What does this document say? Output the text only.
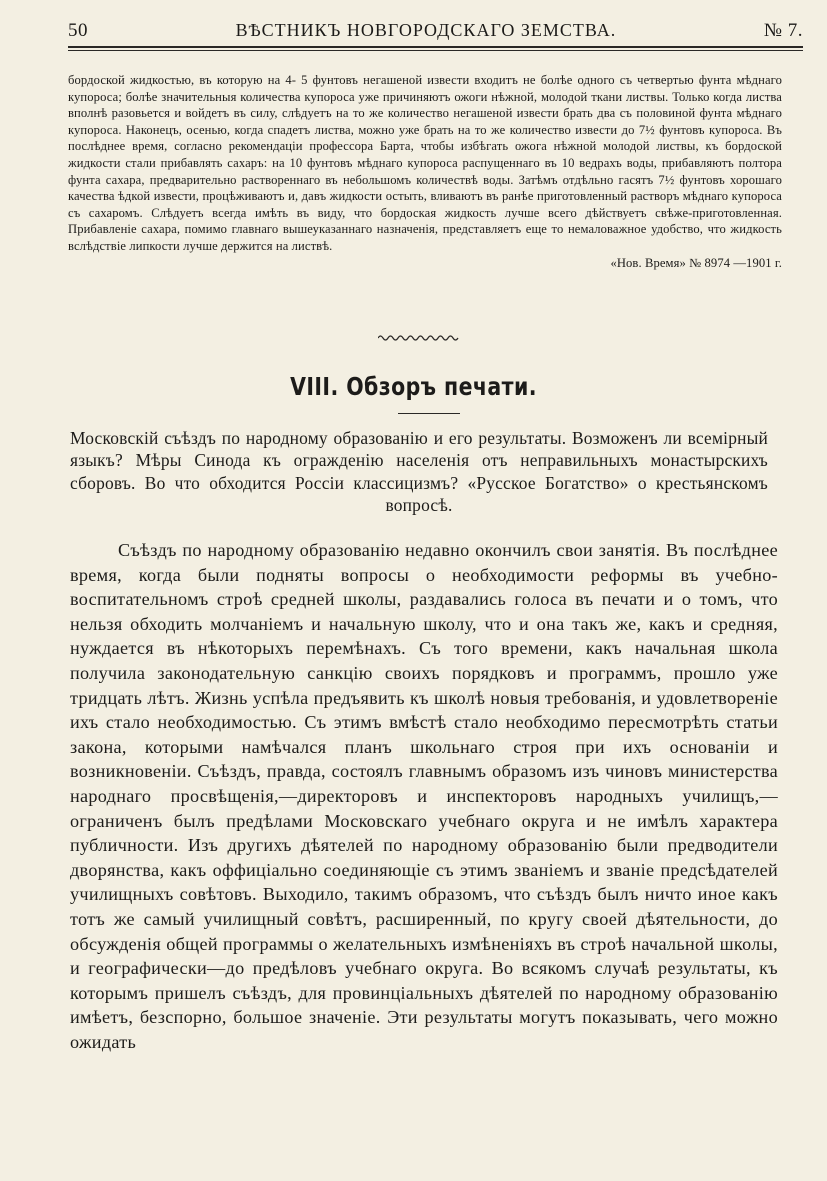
50	ВѢСТНИКЪ НОВГОРОДСКАГО ЗЕМСТВА.	№ 7.
бордоской жидкостью, въ которую на 4- 5 фунтовъ негашеной извести входитъ не болѣе одного съ четвертью фунта мѣднаго купороса; болѣе значительныя количества купороса уже причиняютъ ожоги нѣжной, молодой ткани листвы. Только когда листва вполнѣ разовьется и войдетъ въ силу, слѣдуетъ на то же количество негашеной извести брать два съ половиной фунта мѣднаго купороса. Наконецъ, осенью, когда спадетъ листва, можно уже брать на то же количество извести до 7½ фунтовъ купороса. Въ послѣднее время, согласно рекомендаціи профессора Барта, чтобы избѣгать ожога нѣжной молодой листвы, къ бордоской жидкости стали прибавлять сахаръ: на 10 фунтовъ мѣднаго купороса распущеннаго въ 10 ведрахъ воды, прибавляютъ полтора фунта сахара, предварительно раствореннаго въ небольшомъ количествѣ воды. Затѣмъ отдѣльно гасятъ 7½ фунтовъ хорошаго качества ѣдкой извести, процѣживаютъ и, давъ жидкости остыть, вливаютъ въ ранѣе приготовленный растворъ мѣднаго купороса съ сахаромъ. Слѣдуетъ всегда имѣть въ виду, что бордоская жидкость лучше всего дѣйствуетъ свѣже-приготовленная. Прибавленіе сахара, помимо главнаго вышеуказаннаго назначенія, представляетъ еще то немаловажное удобство, что жидкость вслѣдствіе липкости лучше держится на листвѣ.
«Нов. Время» № 8974 —1901 г.
VIII. Обзоръ печати.
Московскій съѣздъ по народному образованію и его результаты. Возможенъ ли всемірный языкъ? Мѣры Синода къ огражденію населенія отъ неправильныхъ монастырскихъ сборовъ. Во что обходится Россіи классицизмъ? «Русское Богатство» о крестьянскомъ вопросѣ.

Съѣздъ по народному образованію недавно окончилъ свои занятія. Въ послѣднее время, когда были подняты вопросы о необходимости реформы въ учебно-воспитательномъ строѣ средней школы, раздавались голоса въ печати и о томъ, что нельзя обходить молчаніемъ и начальную школу, что и она такъ же, какъ и средняя, нуждается въ нѣкоторыхъ перемѣнахъ. Съ того времени, какъ начальная школа получила законодательную санкцію своихъ порядковъ и программъ, прошло уже тридцать лѣтъ. Жизнь успѣла предъявить къ школѣ новыя требованія, и удовлетвореніе ихъ стало необходимостью. Съ этимъ вмѣстѣ стало необходимо пересмотрѣть статьи закона, которыми намѣчался планъ школьнаго строя при ихъ основаніи и возникновеніи. Съѣздъ, правда, состоялъ главнымъ образомъ изъ чиновъ министерства народнаго просвѣщенія,—директоровъ и инспекторовъ народныхъ училищъ,—ограниченъ былъ предѣлами Московскаго учебнаго округа и не имѣлъ характера публичности. Изъ другихъ дѣятелей по народному образованію были предводители дворянства, какъ оффиціально соединяющіе съ этимъ званіемъ и званіе предсѣдателей училищныхъ совѣтовъ. Выходило, такимъ образомъ, что съѣздъ былъ ничто иное какъ тотъ же самый училищный совѣтъ, расширенный, по кругу своей дѣятельности, до обсужденія общей программы о желательныхъ измѣненіяхъ въ строѣ начальной школы, и географически—до предѣловъ учебнаго округа. Во всякомъ случаѣ результаты, къ которымъ пришелъ съѣздъ, для провинціальныхъ дѣятелей по народному образованію имѣетъ, безспорно, большое значеніе. Эти результаты могутъ показывать, чего можно ожидать
